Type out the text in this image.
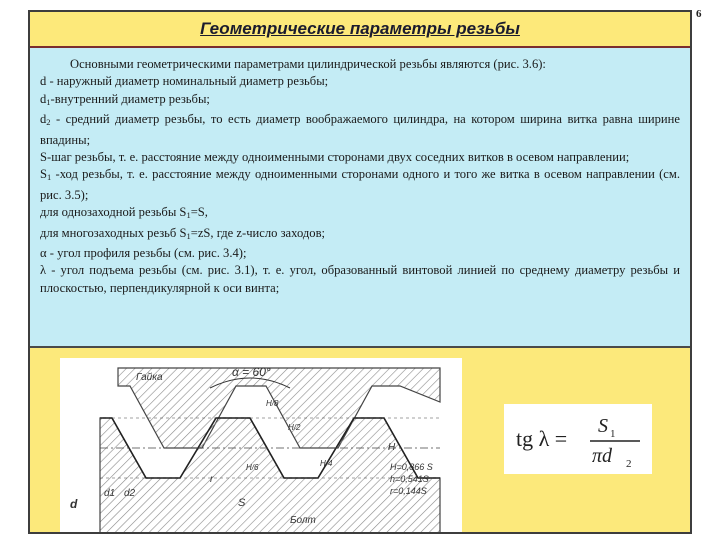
6
Геометрические параметры резьбы

Основными геометрическими параметрами цилиндрической резьбы являются (рис. 3.6):

d - наружный диаметр номинальный диаметр резьбы;

$d_1$-внутренний диаметр резьбы;

$d_2$ - средний диаметр резьбы, то есть диаметр воображаемого цилиндра, на котором ширина витка равна ширине впадины;

S-шаг резьбы, т. е. расстояние между одноименными сторонами двух соседних витков в осевом направлении;

$S_1$ -ход резьбы, т. е. расстояние между одноименными сторонами одного и того же витка в осевом направлении (см. рис. 3.5);

для однозаходной резьбы $S_1=S$,

для многозаходных резьб $S_1=zS$, где z-число заходов;

α - угол профиля резьбы (см. рис. 3.4);

λ - угол подъема резьбы (см. рис. 3.1), т. е. угол, образованный винтовой линией по среднему диаметру резьбы и плоскостью, перпендикулярной к оси винта;

α = 60°
Гайка
Болт
d
d1 d2
S
r
H
H/8
H/4
H/6
H/2
H=0,866 S
h=0,541S
r=0,144S
tg λ = S 1
πd 2
